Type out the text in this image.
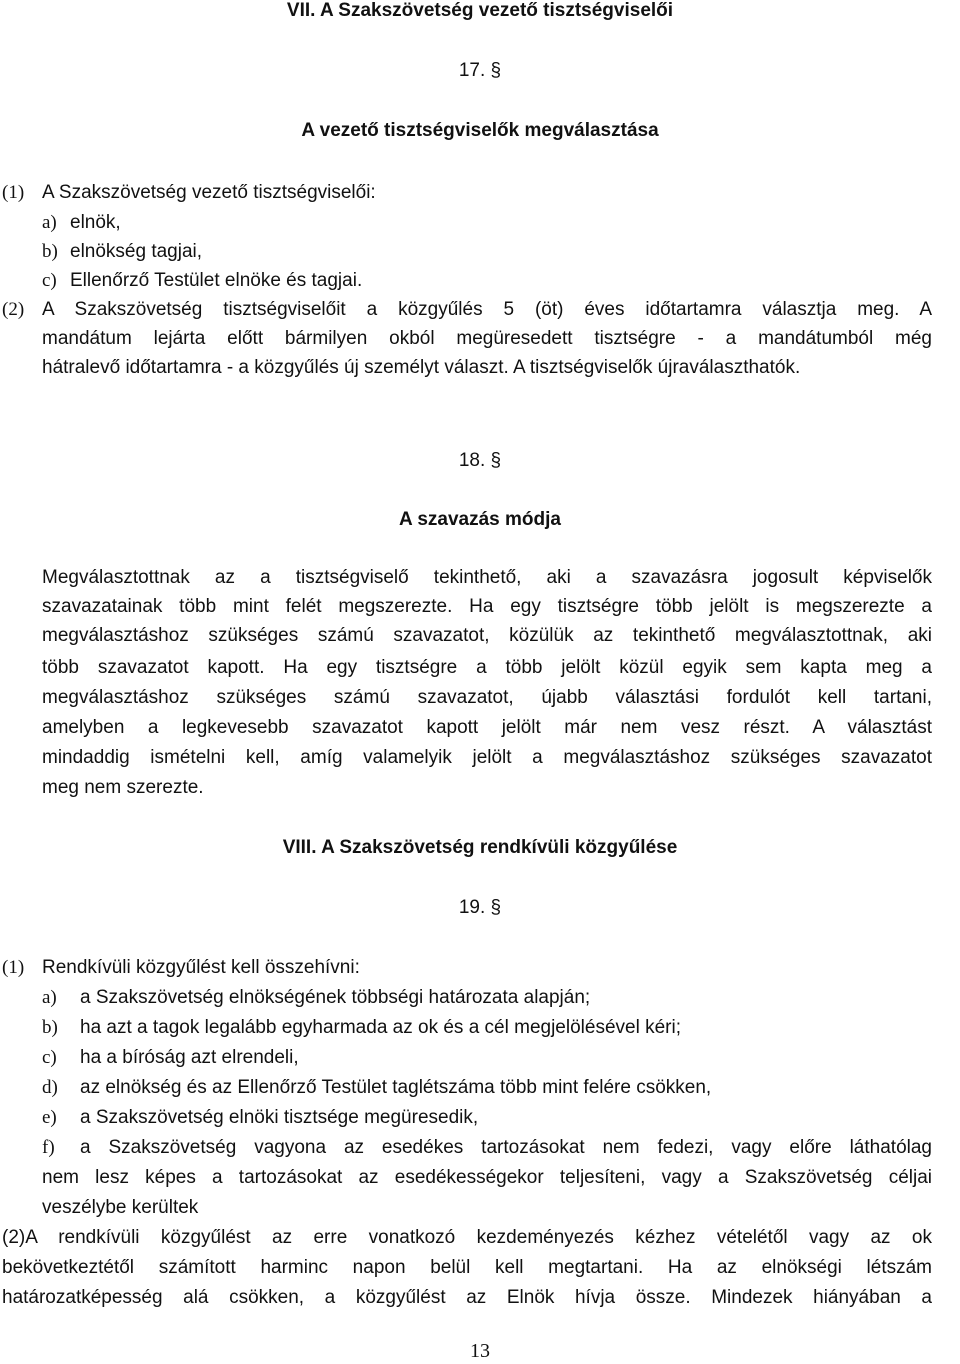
VII. A Szakszövetség vezető tisztségviselői
17. §
A vezető tisztségviselők megválasztása
(1) A Szakszövetség vezető tisztségviselői:
a) elnök,
b) elnökség tagjai,
c) Ellenőrző Testület elnöke és tagjai.
(2) A Szakszövetség tisztségviselőit a közgyűlés 5 (öt) éves időtartamra választja meg. A
mandátum lejárta előtt bármilyen okból megüresedett tisztségre - a mandátumból még
hátralevő időtartamra - a közgyűlés új személyt választ. A tisztségviselők újraválaszthatók.
18. §
A szavazás módja
Megválasztottnak az a tisztségviselő tekinthető, aki a szavazásra jogosult képviselők
szavazatainak több mint felét megszerezte. Ha egy tisztségre több jelölt is megszerezte a
megválasztáshoz szükséges számú szavazatot, közülük az tekinthető megválasztottnak, aki
több szavazatot kapott. Ha egy tisztségre a több jelölt közül egyik sem kapta meg a
megválasztáshoz szükséges számú szavazatot, újabb választási fordulót kell tartani,
amelyben a legkevesebb szavazatot kapott jelölt már nem vesz részt. A választást
mindaddig ismételni kell, amíg valamelyik jelölt a megválasztáshoz szükséges szavazatot
meg nem szerezte.
VIII. A Szakszövetség rendkívüli közgyűlése
19. §
(1) Rendkívüli közgyűlést kell összehívni:
a) a Szakszövetség elnökségének többségi határozata alapján;
b) ha azt a tagok legalább egyharmada az ok és a cél megjelölésével kéri;
c) ha a bíróság azt elrendeli,
d) az elnökség és az Ellenőrző Testület taglétszáma több mint felére csökken,
e) a Szakszövetség elnöki tisztsége megüresedik,
f) a Szakszövetség vagyona az esedékes tartozásokat nem fedezi, vagy előre láthatólag
nem lesz képes a tartozásokat az esedékességekor teljesíteni, vagy a Szakszövetség céljai
veszélybe kerültek
(2)A rendkívüli közgyűlést az erre vonatkozó kezdeményezés kézhez vételétől vagy az ok
bekövetkeztétől számított harminc napon belül kell megtartani. Ha az elnökségi létszám
határozatképesség alá csökken, a közgyűlést az Elnök hívja össze. Mindezek hiányában a
13
